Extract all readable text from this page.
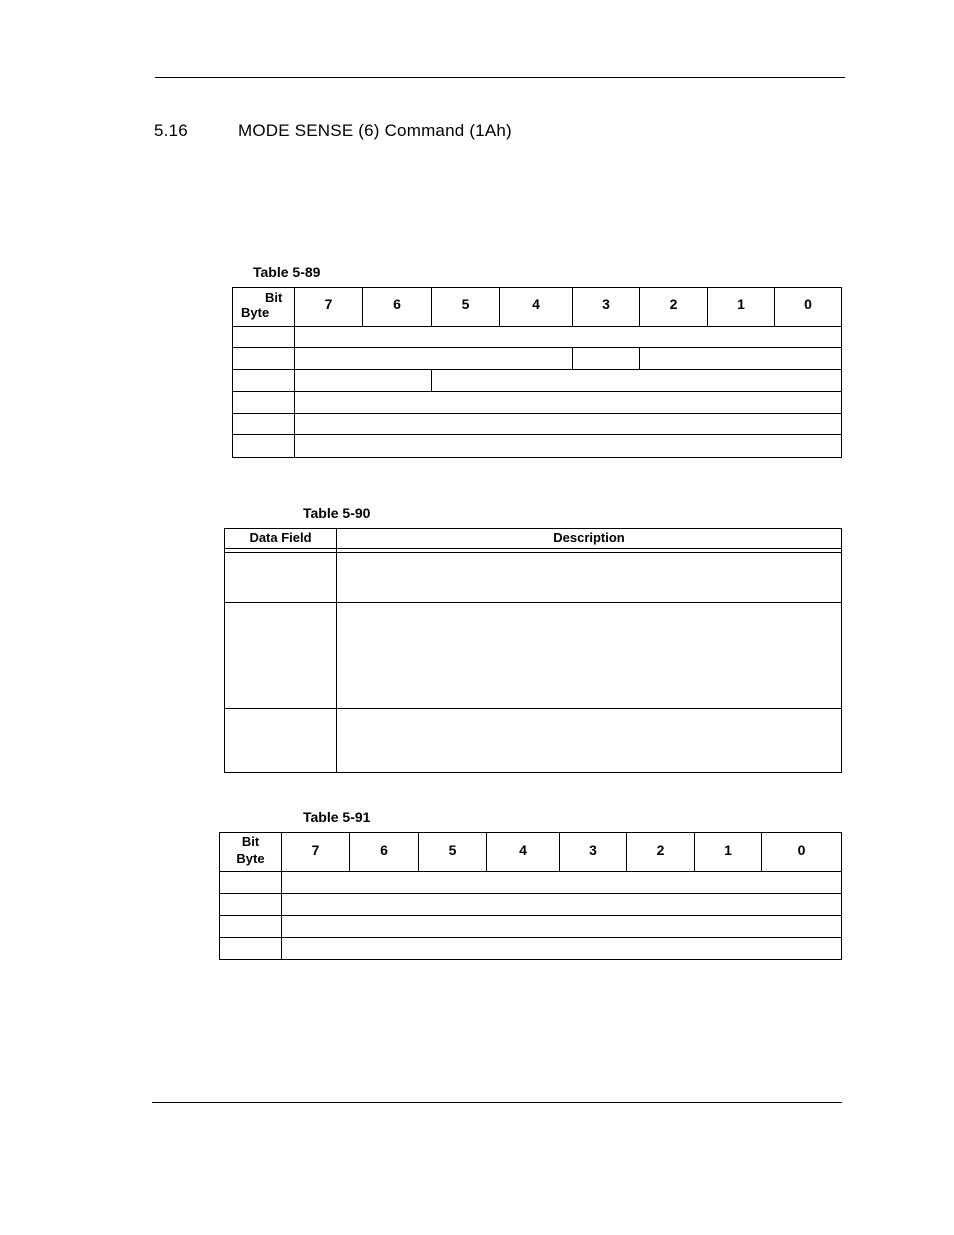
5.16	MODE SENSE (6) Command (1Ah)
Table 5-89
Bit
Byte
7	6	5	4	3	2	1	0
Table 5-90
Data Field	Description
Table 5-91
Bit
Byte
7	6	5	4	3	2	1	0
